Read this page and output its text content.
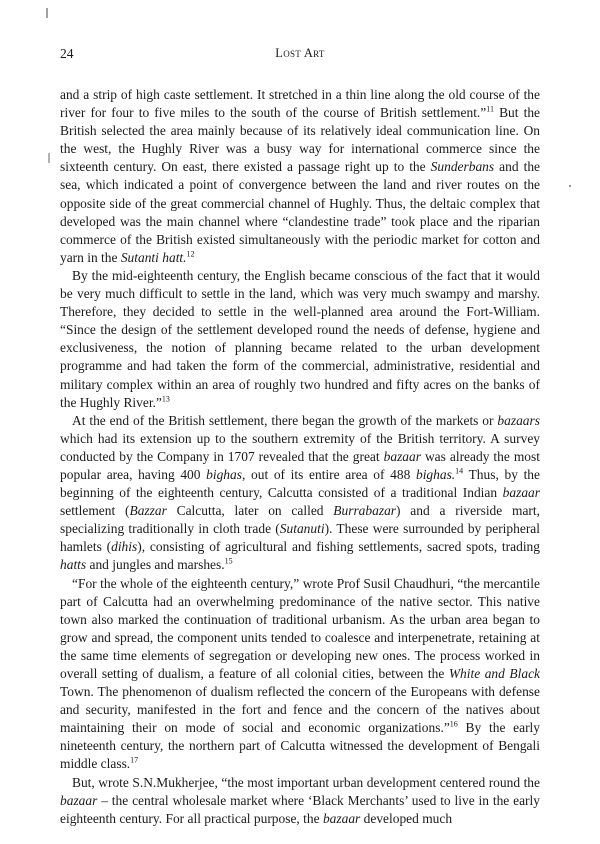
24	Lost Art

and a strip of high caste settlement. It stretched in a thin line along the old course of the river for four to five miles to the south of the course of British settlement.”$^{11}$ But the British selected the area mainly because of its relatively ideal communication line. On the west, the Hughly River was a busy way for international commerce since the sixteenth century. On east, there existed a passage right up to the Sunderbans and the sea, which indicated a point of convergence between the land and river routes on the opposite side of the great commercial channel of Hughly. Thus, the deltaic complex that developed was the main channel where “clandestine trade” took place and the riparian commerce of the British existed simultaneously with the periodic market for cotton and yarn in the Sutanti hatt.$^{12}$

By the mid-eighteenth century, the English became conscious of the fact that it would be very much difficult to settle in the land, which was very much swampy and marshy. Therefore, they decided to settle in the well-planned area around the Fort-William. “Since the design of the settlement developed round the needs of defense, hygiene and exclusiveness, the notion of planning became related to the urban development programme and had taken the form of the commercial, administrative, residential and military complex within an area of roughly two hundred and fifty acres on the banks of the Hughly River.”$^{13}$

At the end of the British settlement, there began the growth of the markets or bazaars which had its extension up to the southern extremity of the British territory. A survey conducted by the Company in 1707 revealed that the great bazaar was already the most popular area, having 400 bighas, out of its entire area of 488 bighas.$^{14}$ Thus, by the beginning of the eighteenth century, Calcutta consisted of a traditional Indian bazaar settlement (Bazzar Calcutta, later on called Burrabazar) and a riverside mart, specializing traditionally in cloth trade (Sutanuti). These were surrounded by peripheral hamlets (dihis), consisting of agricultural and fishing settlements, sacred spots, trading hatts and jungles and marshes.$^{15}$

“For the whole of the eighteenth century,” wrote Prof Susil Chaudhuri, “the mercantile part of Calcutta had an overwhelming predominance of the native sector. This native town also marked the continuation of traditional urbanism. As the urban area began to grow and spread, the component units tended to coalesce and interpenetrate, retaining at the same time elements of segregation or developing new ones. The process worked in overall setting of dualism, a feature of all colonial cities, between the White and Black Town. The phenomenon of dualism reflected the concern of the Europeans with defense and security, manifested in the fort and fence and the concern of the natives about maintaining their on mode of social and economic organizations.”$^{16}$ By the early nineteenth century, the northern part of Calcutta witnessed the development of Bengali middle class.$^{17}$

But, wrote S.N.Mukherjee, “the most important urban development centered round the bazaar – the central wholesale market where ‘Black Merchants’ used to live in the early eighteenth century. For all practical purpose, the bazaar developed much
